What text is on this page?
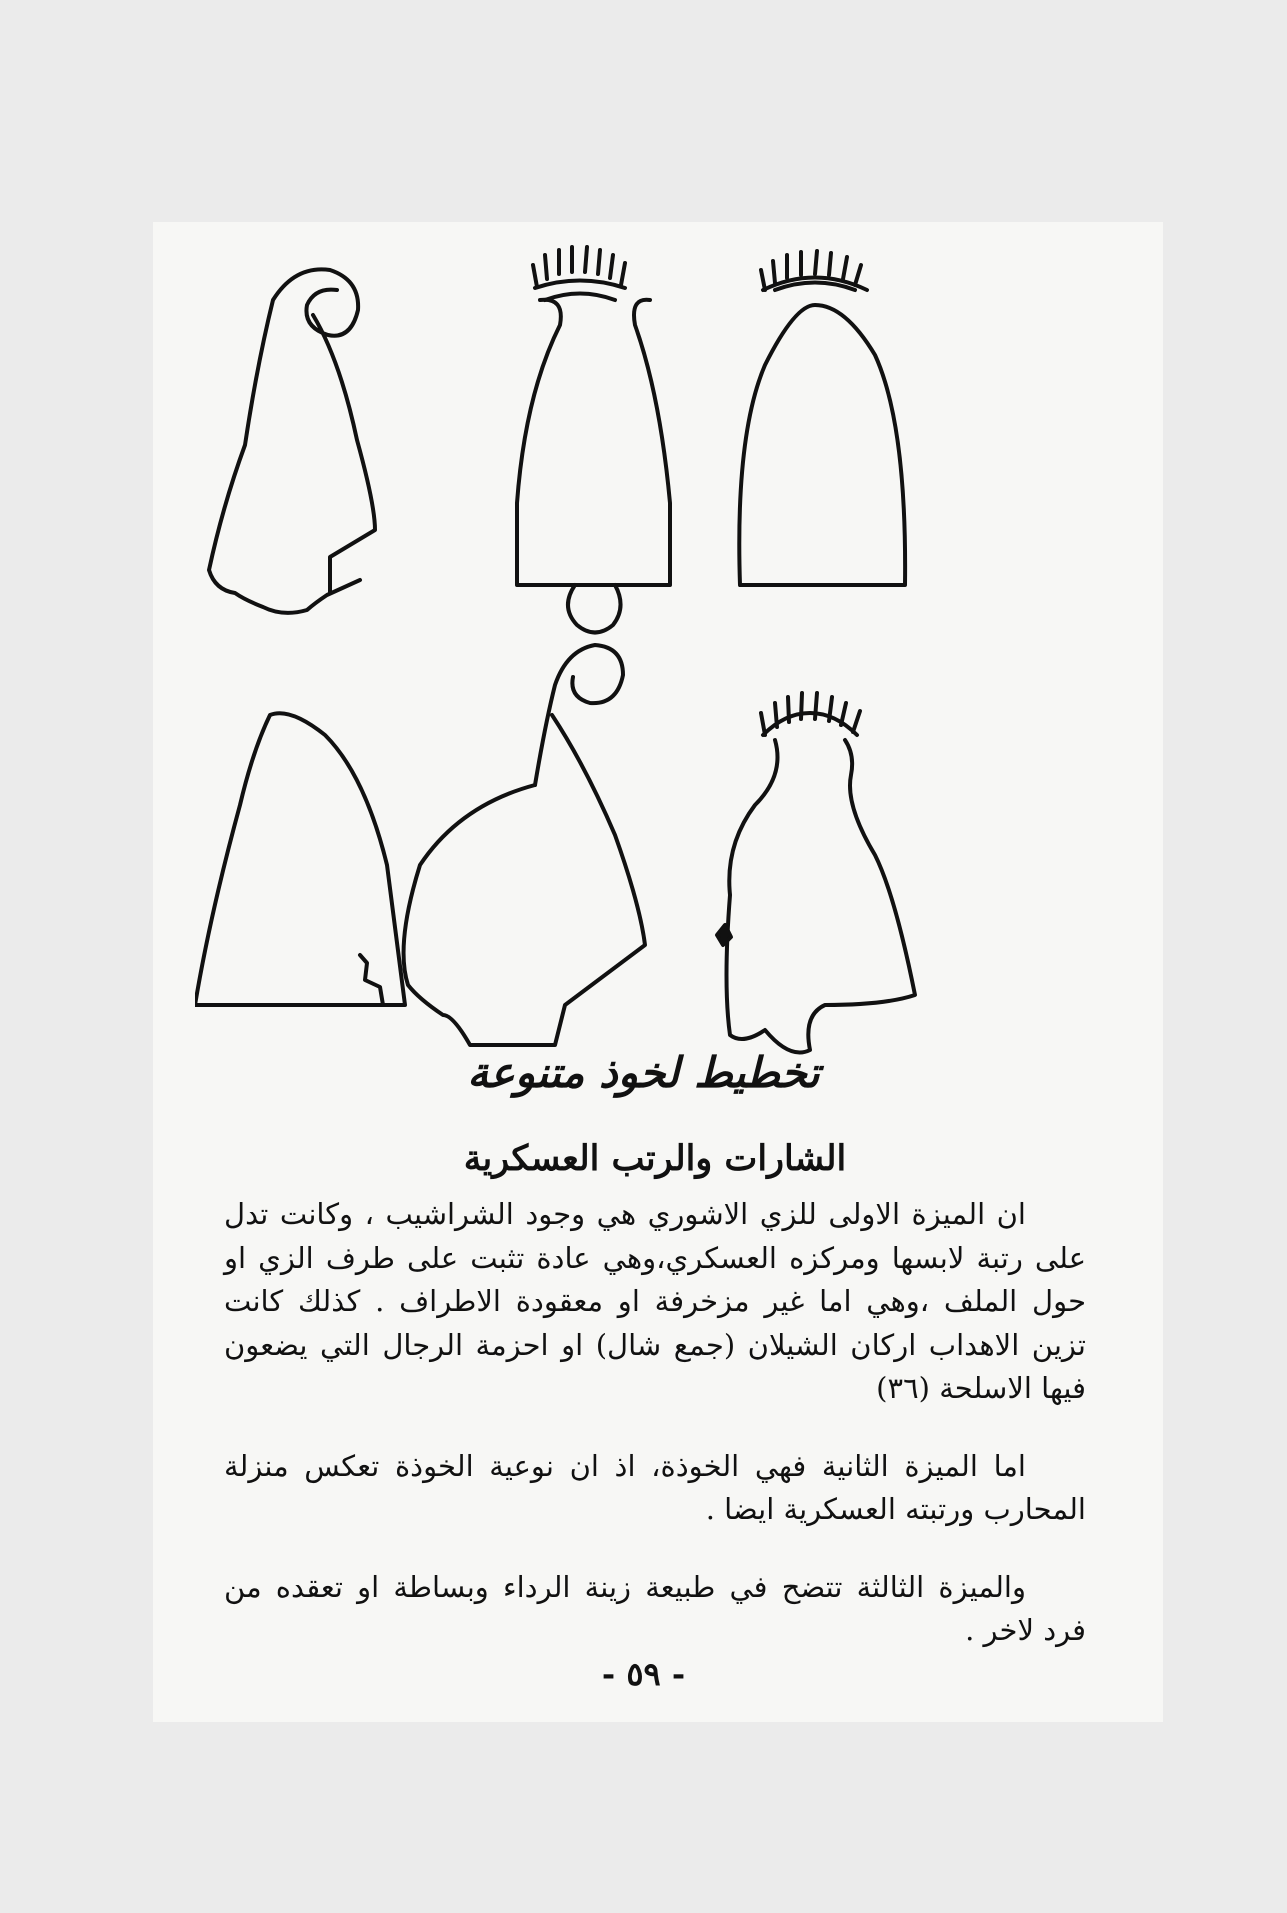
تخطيط لخوذ متنوعة

الشارات والرتب العسكرية

ان الميزة الاولى للزي الاشوري هي وجود الشراشيب ، وكانت تدل على رتبة لابسها ومركزه العسكري،وهي عادة تثبت على طرف الزي او حول الملف ،وهي اما غير مزخرفة او معقودة الاطراف . كذلك كانت تزين الاهداب اركان الشيلان (جمع شال) او احزمة الرجال التي يضعون فيها الاسلحة (٣٦)

اما الميزة الثانية فهي الخوذة، اذ ان نوعية الخوذة تعكس منزلة المحارب ورتبته العسكرية ايضا .

والميزة الثالثة تتضح في طبيعة زينة الرداء وبساطة او تعقده من فرد لاخر .

- ٥٩ -
